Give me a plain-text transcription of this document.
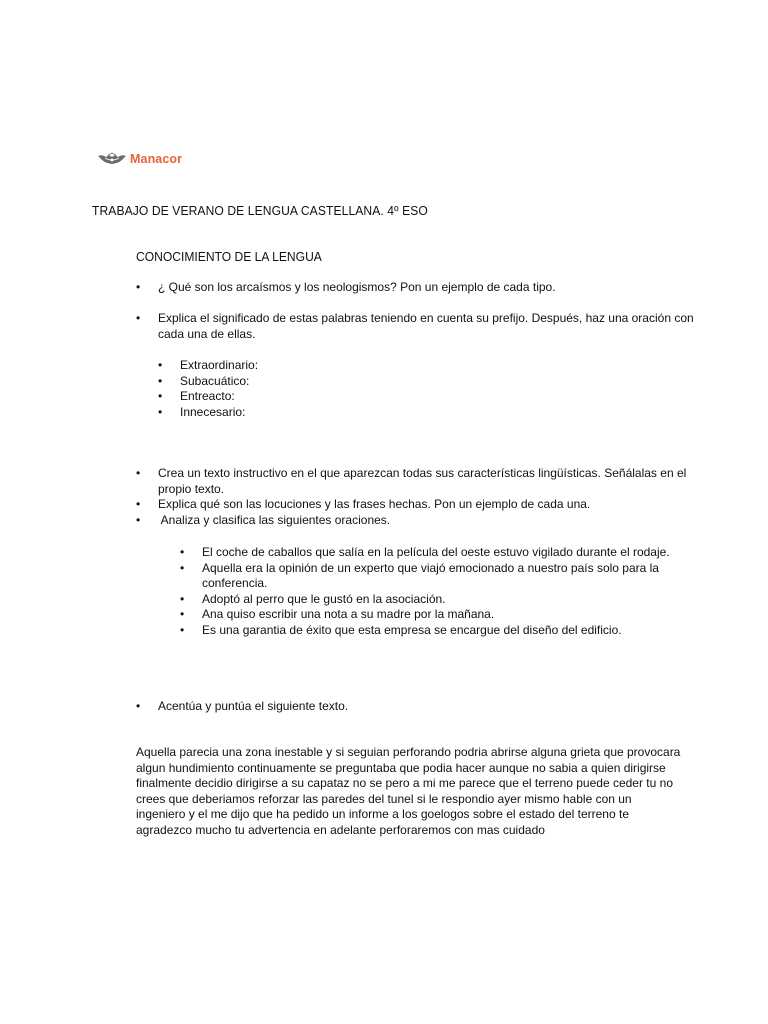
Manacor
TRABAJO DE VERANO DE LENGUA CASTELLANA. 4º ESO
CONOCIMIENTO DE LA LENGUA
• ¿ Qué son los arcaísmos y los neologismos? Pon un ejemplo de cada tipo.
• Explica el significado de estas palabras teniendo en cuenta su prefijo. Después, haz una oración con cada una de ellas.
• Extraordinario:
• Subacuático:
• Entreacto:
• Innecesario:
• Crea un texto instructivo en el que aparezcan todas sus características lingüísticas. Señálalas en el propio texto.
• Explica qué son las locuciones y las frases hechas. Pon un ejemplo de cada una.
• Analiza y clasifica las siguientes oraciones.
• El coche de caballos que salía en la película del oeste estuvo vigilado durante el rodaje.
• Aquella era la opinión de un experto que viajó emocionado a nuestro país solo para la conferencia.
• Adoptó al perro que le gustó en la asociación.
• Ana quiso escribir una nota a su madre por la mañana.
• Es una garantia de éxito que esta empresa se encargue del diseño del edificio.
• Acentúa y puntúa el siguiente texto.

Aquella parecia una zona inestable y si seguian perforando podria abrirse alguna grieta que provocara algun hundimiento continuamente se preguntaba que podia hacer aunque no sabia a quien dirigirse finalmente decidio dirigirse a su capataz no se pero a mi me parece que el terreno puede ceder tu no crees que deberiamos reforzar las paredes del tunel si le respondio ayer mismo hable con un ingeniero y el me dijo que ha pedido un informe a los goelogos sobre el estado del terreno te agradezco mucho tu advertencia en adelante perforaremos con mas cuidado
